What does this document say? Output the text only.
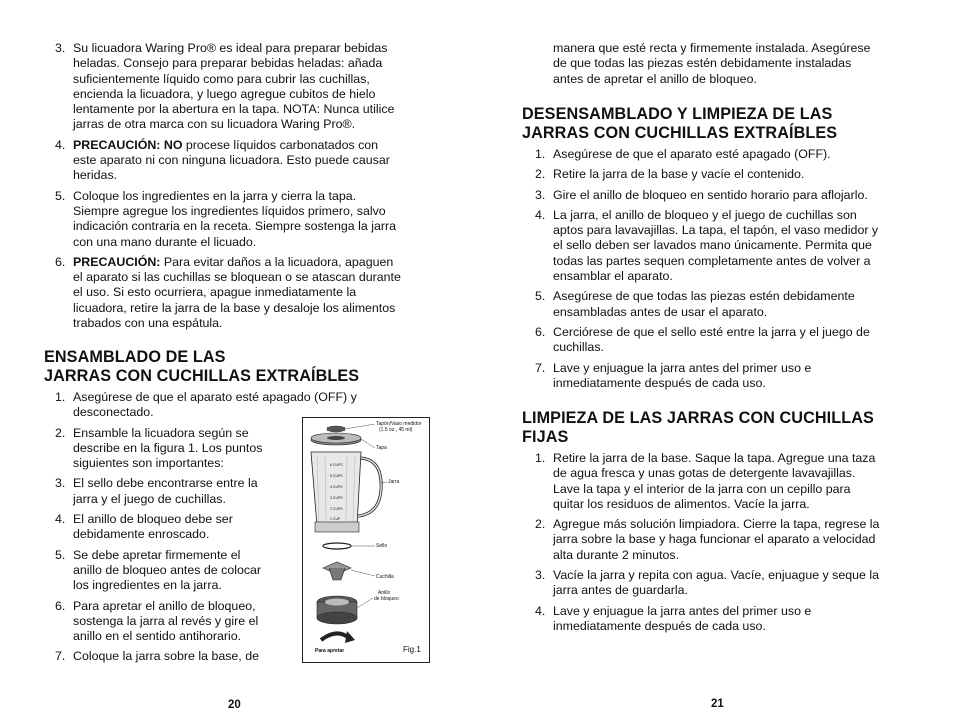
3. Su licuadora Waring Pro® es ideal para preparar bebidas
heladas. Consejo para preparar bebidas heladas: añada
suficientemente líquido como para cubrir las cuchillas,
encienda la licuadora, y luego agregue cubitos de hielo
lentamente por la abertura en la tapa. NOTA: Nunca utilice
jarras de otra marca con su licuadora Waring Pro®.
4. PRECAUCIÓN: NO procese líquidos carbonatados con
este aparato ni con ninguna licuadora. Esto puede causar
heridas.
5. Coloque los ingredientes en la jarra y cierra la tapa.
Siempre agregue los ingredientes líquidos primero, salvo
indicación contraria en la receta. Siempre sostenga la jarra
con una mano durante el licuado.
6. PRECAUCIÓN: Para evitar daños a la licuadora, apaguen
el aparato si las cuchillas se bloquean o se atascan durante
el uso. Si esto ocurriera, apague inmediatamente la
licuadora, retire la jarra de la base y desaloje los alimentos
trabados con una espátula.
ENSAMBLADO DE LAS
JARRAS CON CUCHILLAS EXTRAÍBLES
1. Asegúrese de que el aparato esté apagado (OFF) y
desconectado.
2. Ensamble la licuadora según se
describe en la figura 1. Los puntos
siguientes son importantes:
3. El sello debe encontrarse entre la
jarra y el juego de cuchillas.
4. El anillo de bloqueo debe ser
debidamente enroscado.
5. Se debe apretar firmemente el
anillo de bloqueo antes de colocar
los ingredientes en la jarra.
6. Para apretar el anillo de bloqueo,
sostenga la jarra al revés y gire el
anillo en el sentido antihorario.
7. Coloque la jarra sobre la base, de
6 CUPS
5 CUPS
4 CUPS
3 CUPS
2 CUPS
1 CUP
Tapón/Vaso medidor
(1.5 oz., 45 ml)
Tapa
Jarra
Sello
Cuchilla
Anillo
de bloqueo
Para apretar	Fig.1
20
manera que esté recta y firmemente instalada. Asegúrese
de que todas las piezas estén debidamente instaladas
antes de apretar el anillo de bloqueo.
DESENSAMBLADO Y LIMPIEZA DE LAS
JARRAS CON CUCHILLAS EXTRAÍBLES
1. Asegúrese de que el aparato esté apagado (OFF).
2. Retire la jarra de la base y vacíe el contenido.
3. Gire el anillo de bloqueo en sentido horario para aflojarlo.
4. La jarra, el anillo de bloqueo y el juego de cuchillas son
aptos para lavavajillas. La tapa, el tapón, el vaso medidor y
el sello deben ser lavados mano únicamente. Permita que
todas las partes sequen completamente antes de volver a
ensamblar el aparato.
5. Asegúrese de que todas las piezas estén debidamente
ensambladas antes de usar el aparato.
6. Cerciórese de que el sello esté entre la jarra y el juego de
cuchillas.
7. Lave y enjuague la jarra antes del primer uso e
inmediatamente después de cada uso.
LIMPIEZA DE LAS JARRAS CON CUCHILLAS
FIJAS
1. Retire la jarra de la base. Saque la tapa. Agregue una taza
de agua fresca y unas gotas de detergente lavavajillas.
Lave la tapa y el interior de la jarra con un cepillo para
quitar los residuos de alimentos. Vacíe la jarra.
2. Agregue más solución limpiadora. Cierre la tapa, regrese la
jarra sobre la base y haga funcionar el aparato a velocidad
alta durante 2 minutos.
3. Vacíe la jarra y repita con agua. Vacíe, enjuague y seque la
jarra antes de guardarla.
4. Lave y enjuague la jarra antes del primer uso e
inmediatamente después de cada uso.
21
